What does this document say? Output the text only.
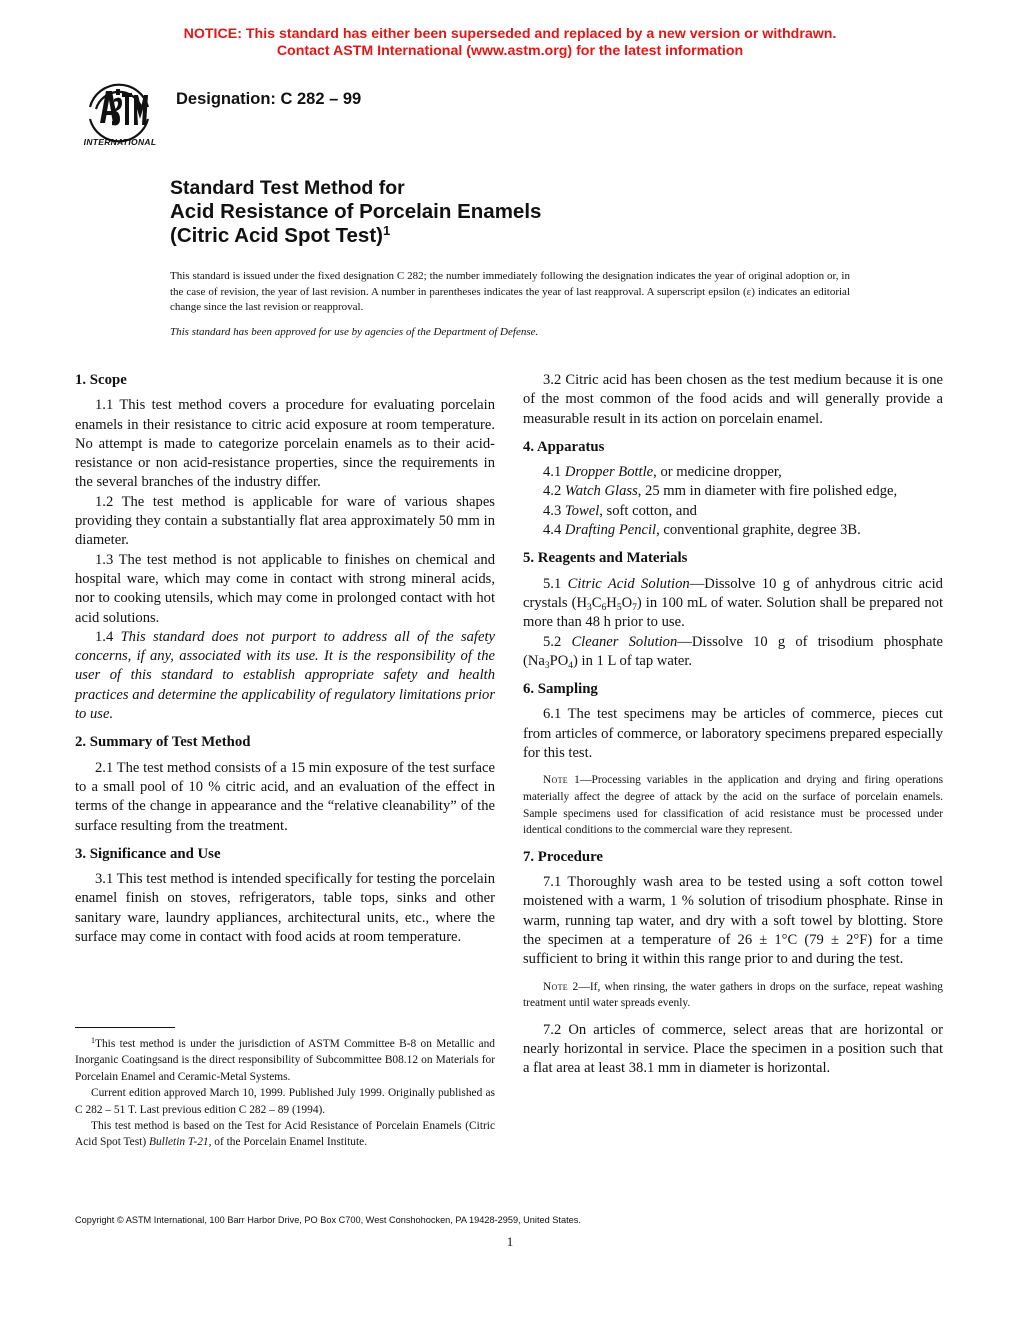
NOTICE: This standard has either been superseded and replaced by a new version or withdrawn.
Contact ASTM International (www.astm.org) for the latest information
INTERNATIONAL
Designation: C 282 – 99
Standard Test Method for
Acid Resistance of Porcelain Enamels
(Citric Acid Spot Test)$^1$
This standard is issued under the fixed designation C 282; the number immediately following the designation indicates the year of original adoption or, in the case of revision, the year of last revision. A number in parentheses indicates the year of last reapproval. A superscript epsilon (ε) indicates an editorial change since the last revision or reapproval.
This standard has been approved for use by agencies of the Department of Defense.
1. Scope

1.1 This test method covers a procedure for evaluating porcelain enamels in their resistance to citric acid exposure at room temperature. No attempt is made to categorize porcelain enamels as to their acid-resistance or non acid-resistance properties, since the requirements in the several branches of the industry differ.

1.2 The test method is applicable for ware of various shapes providing they contain a substantially flat area approximately 50 mm in diameter.

1.3 The test method is not applicable to finishes on chemical and hospital ware, which may come in contact with strong mineral acids, nor to cooking utensils, which may come in prolonged contact with hot acid solutions.

1.4 This standard does not purport to address all of the safety concerns, if any, associated with its use. It is the responsibility of the user of this standard to establish appropriate safety and health practices and determine the applicability of regulatory limitations prior to use.

2. Summary of Test Method

2.1 The test method consists of a 15 min exposure of the test surface to a small pool of 10 % citric acid, and an evaluation of the effect in terms of the change in appearance and the “relative cleanability” of the surface resulting from the treatment.

3. Significance and Use

3.1 This test method is intended specifically for testing the porcelain enamel finish on stoves, refrigerators, table tops, sinks and other sanitary ware, laundry appliances, architectural units, etc., where the surface may come in contact with food acids at room temperature.

3.2 Citric acid has been chosen as the test medium because it is one of the most common of the food acids and will generally provide a measurable result in its action on porcelain enamel.

4. Apparatus

4.1 Dropper Bottle, or medicine dropper,

4.2 Watch Glass, 25 mm in diameter with fire polished edge,

4.3 Towel, soft cotton, and

4.4 Drafting Pencil, conventional graphite, degree 3B.

5. Reagents and Materials

5.1 Citric Acid Solution—Dissolve 10 g of anhydrous citric acid crystals $(H_3C_6H_5O_7)$ in 100 mL of water. Solution shall be prepared not more than 48 h prior to use.

5.2 Cleaner Solution—Dissolve 10 g of trisodium phosphate $(Na_3PO_4)$ in 1 L of tap water.

6. Sampling

6.1 The test specimens may be articles of commerce, pieces cut from articles of commerce, or laboratory specimens prepared especially for this test.

Note 1—Processing variables in the application and drying and firing operations materially affect the degree of attack by the acid on the surface of porcelain enamels. Sample specimens used for classification of acid resistance must be processed under identical conditions to the commercial ware they represent.

7. Procedure

7.1 Thoroughly wash area to be tested using a soft cotton towel moistened with a warm, 1 % solution of trisodium phosphate. Rinse in warm, running tap water, and dry with a soft towel by blotting. Store the specimen at a temperature of 26 ± 1°C (79 ± 2°F) for a time sufficient to bring it within this range prior to and during the test.

Note 2—If, when rinsing, the water gathers in drops on the surface, repeat washing treatment until water spreads evenly.

7.2 On articles of commerce, select areas that are horizontal or nearly horizontal in service. Place the specimen in a position such that a flat area at least 38.1 mm in diameter is horizontal.

$^1$This test method is under the jurisdiction of ASTM Committee B-8 on Metallic and Inorganic Coatingsand is the direct responsibility of Subcommittee B08.12 on Materials for Porcelain Enamel and Ceramic-Metal Systems.

Current edition approved March 10, 1999. Published July 1999. Originally published as C 282 – 51 T. Last previous edition C 282 – 89 (1994).

This test method is based on the Test for Acid Resistance of Porcelain Enamels (Citric Acid Spot Test) Bulletin T-21, of the Porcelain Enamel Institute.

Copyright © ASTM International, 100 Barr Harbor Drive, PO Box C700, West Conshohocken, PA 19428-2959, United States.
1
